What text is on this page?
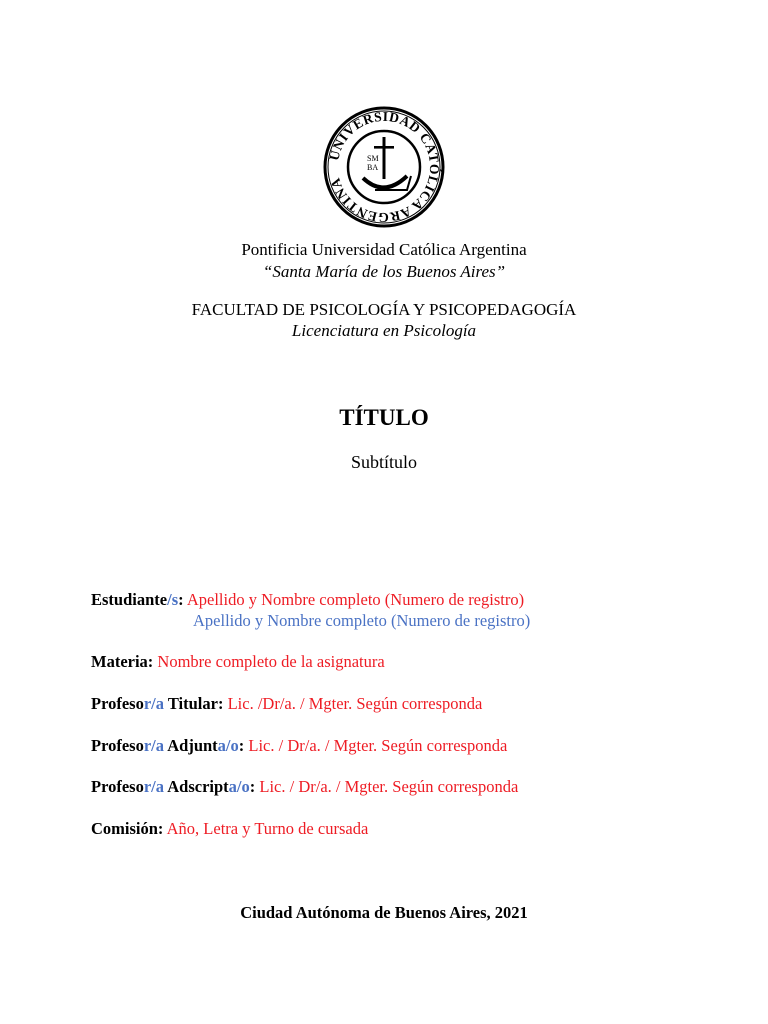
UNIVERSIDAD CATÓLICA ARGENTINA
SM
BA
Pontificia Universidad Católica Argentina
“Santa María de los Buenos Aires”
FACULTAD DE PSICOLOGÍA Y PSICOPEDAGOGÍA
Licenciatura en Psicología
TÍTULO
Subtítulo
Estudiante/s: Apellido y Nombre completo (Numero de registro)
Apellido y Nombre completo (Numero de registro)
Materia: Nombre completo de la asignatura
Profesor/a Titular: Lic. /Dr/a. / Mgter. Según corresponda
Profesor/a Adjunta/o: Lic. / Dr/a. / Mgter. Según corresponda
Profesor/a Adscripta/o: Lic. / Dr/a. / Mgter. Según corresponda
Comisión: Año, Letra y Turno de cursada
Ciudad Autónoma de Buenos Aires, 2021
